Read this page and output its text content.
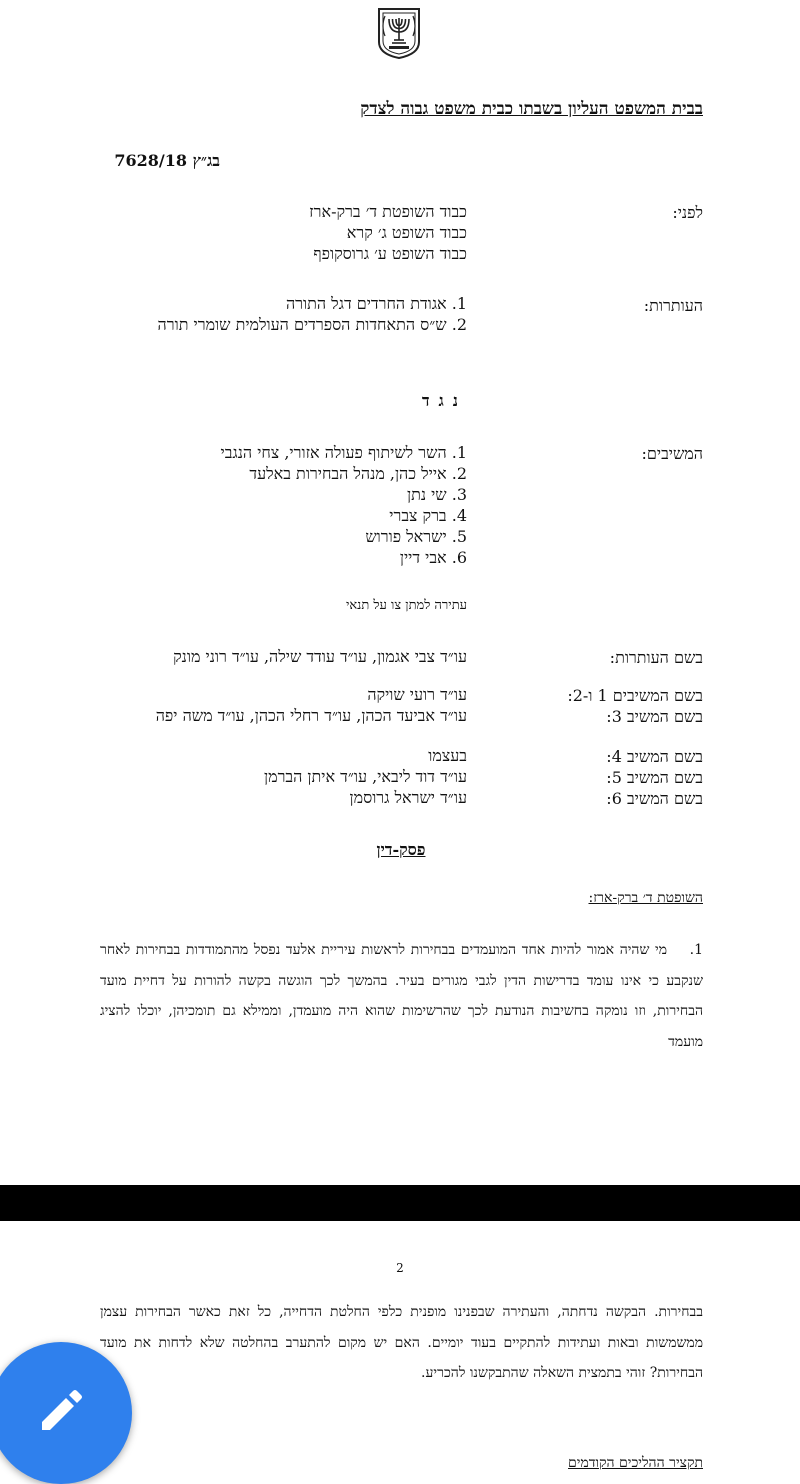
בבית המשפט העליון בשבתו כבית משפט גבוה לצדק
בג״ץ 7628/18
לפני:
כבוד השופטת ד׳ ברק-ארז
כבוד השופט ג׳ קרא
כבוד השופט ע׳ גרוסקופף
העותרות:
1. אגודת החרדים דגל התורה
2. ש״ס התאחדות הספרדים העולמית שומרי תורה
נגד
המשיבים:
1. השר לשיתוף פעולה אזורי, צחי הנגבי
2. אייל כהן, מנהל הבחירות באלעד
3. שי נתן
4. ברק צברי
5. ישראל פורוש
6. אבי דיין
עתירה למתן צו על תנאי
בשם העותרות:
עו״ד צבי אגמון, עו״ד עודד שילה, עו״ד רוני מונק
בשם המשיבים 1 ו-2:
עו״ד רועי שויקה
בשם המשיב 3:
עו״ד אביעד הכהן, עו״ד רחלי הכהן, עו״ד משה יפה
בשם המשיב 4:
בעצמו
בשם המשיב 5:
עו״ד דוד ליבאי, עו״ד איתן הברמן
בשם המשיב 6:
עו״ד ישראל גרוסמן
פסק-דין
השופטת ד׳ ברק-ארז:
1.מי שהיה אמור להיות אחד המועמדים בבחירות לראשות עיריית אלעד נפסל מהתמודדות בבחירות לאחר שנקבע כי אינו עומד בדרישות הדין לגבי מגורים בעיר. בהמשך לכך הוגשה בקשה להורות על דחיית מועד הבחירות, וזו נומקה בחשיבות הנודעת לכך שהרשימות שהוא היה מועמדן, וממילא גם תומכיהן, יוכלו להציג מועמד
2
בבחירות. הבקשה נדחתה, והעתירה שבפנינו מופנית כלפי החלטת הדחייה, כל זאת כאשר הבחירות עצמן ממשמשות ובאות ועתידות להתקיים בעוד יומיים. האם יש מקום להתערב בהחלטה שלא לדחות את מועד הבחירות? זוהי בתמצית השאלה שהתבקשנו להכריע.
תקציר ההליכים הקודמים
